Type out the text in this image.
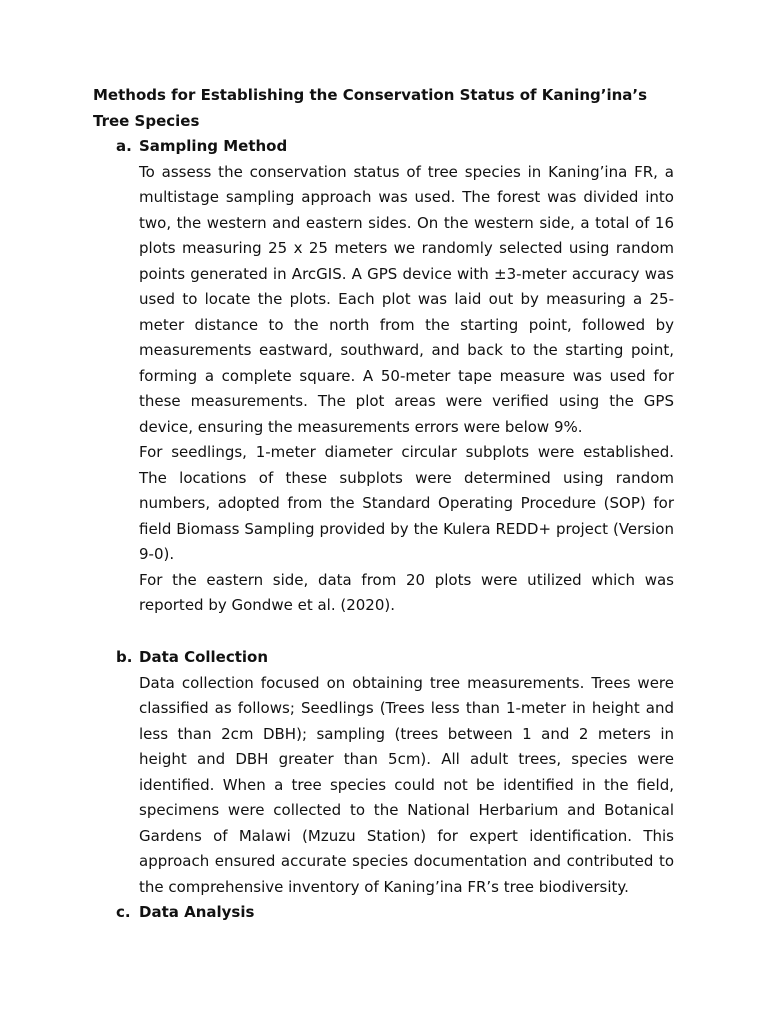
Methods for Establishing the Conservation Status of Kaning’ina’s Tree Species
a. Sampling Method

To assess the conservation status of tree species in Kaning’ina FR, a multistage sampling approach was used. The forest was divided into two, the western and eastern sides. On the western side, a total of 16 plots measuring 25 x 25 meters we randomly selected using random points generated in ArcGIS. A GPS device with ±3-meter accuracy was used to locate the plots. Each plot was laid out by measuring a 25-meter distance to the north from the starting point, followed by measurements eastward, southward, and back to the starting point, forming a complete square. A 50-meter tape measure was used for these measurements. The plot areas were verified using the GPS device, ensuring the measurements errors were below 9%.

For seedlings, 1-meter diameter circular subplots were established. The locations of these subplots were determined using random numbers, adopted from the Standard Operating Procedure (SOP) for field Biomass Sampling provided by the Kulera REDD+ project (Version 9-0).

For the eastern side, data from 20 plots were utilized which was reported by Gondwe et al. (2020).

b. Data Collection

Data collection focused on obtaining tree measurements. Trees were classified as follows; Seedlings (Trees less than 1-meter in height and less than 2cm DBH); sampling (trees between 1 and 2 meters in height and DBH greater than 5cm). All adult trees, species were identified. When a tree species could not be identified in the field, specimens were collected to the National Herbarium and Botanical Gardens of Malawi (Mzuzu Station) for expert identification. This approach ensured accurate species documentation and contributed to the comprehensive inventory of Kaning’ina FR’s tree biodiversity.

c. Data Analysis
